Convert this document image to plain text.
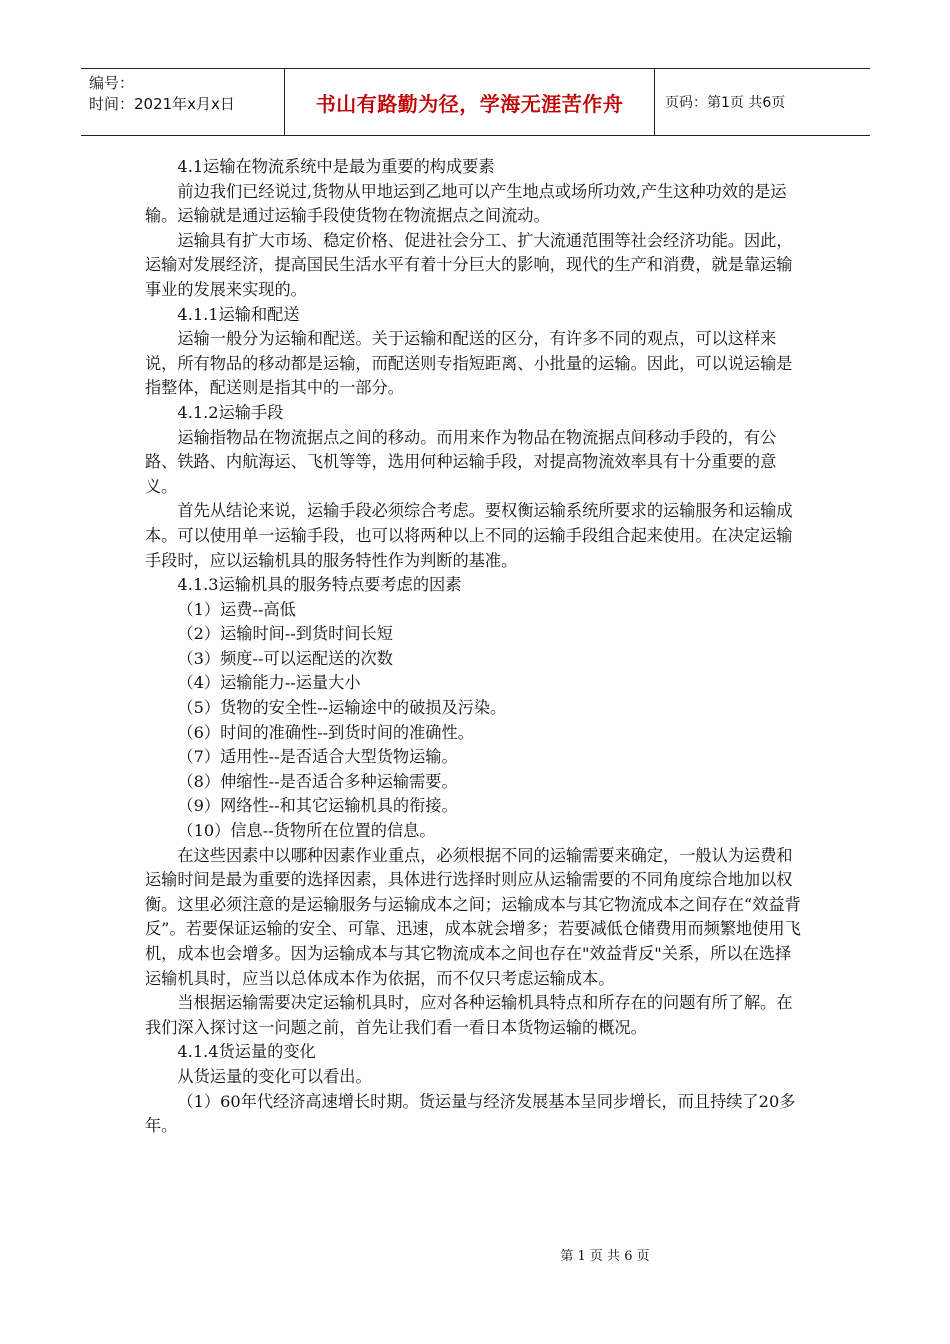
编号：
时间：2021年x月x日	书山有路勤为径，学海无涯苦作舟	页码：第1页 共6页

4.1运输在物流系统中是最为重要的构成要素

前边我们已经说过,货物从甲地运到乙地可以产生地点或场所功效,产生这种功效的是运输。运输就是通过运输手段使货物在物流据点之间流动。

运输具有扩大市场、稳定价格、促进社会分工、扩大流通范围等社会经济功能。因此，运输对发展经济，提高国民生活水平有着十分巨大的影响，现代的生产和消费，就是靠运输事业的发展来实现的。

4.1.1运输和配送

运输一般分为运输和配送。关于运输和配送的区分，有许多不同的观点，可以这样来说，所有物品的移动都是运输，而配送则专指短距离、小批量的运输。因此，可以说运输是指整体，配送则是指其中的一部分。

4.1.2运输手段

运输指物品在物流据点之间的移动。而用来作为物品在物流据点间移动手段的，有公路、铁路、内航海运、飞机等等，选用何种运输手段，对提高物流效率具有十分重要的意义。

首先从结论来说，运输手段必须综合考虑。要权衡运输系统所要求的运输服务和运输成本。可以使用单一运输手段，也可以将两种以上不同的运输手段组合起来使用。在决定运输手段时，应以运输机具的服务特性作为判断的基准。

4.1.3运输机具的服务特点要考虑的因素

（1）运费--高低

（2）运输时间--到货时间长短

（3）频度--可以运配送的次数

（4）运输能力--运量大小

（5）货物的安全性--运输途中的破损及污染。

（6）时间的准确性--到货时间的准确性。

（7）适用性--是否适合大型货物运输。

（8）伸缩性--是否适合多种运输需要。

（9）网络性--和其它运输机具的衔接。

（10）信息--货物所在位置的信息。

在这些因素中以哪种因素作业重点，必须根据不同的运输需要来确定，一般认为运费和运输时间是最为重要的选择因素，具体进行选择时则应从运输需要的不同角度综合地加以权衡。这里必须注意的是运输服务与运输成本之间；运输成本与其它物流成本之间存在“效益背反”。若要保证运输的安全、可靠、迅速，成本就会增多；若要减低仓储费用而频繁地使用飞机，成本也会增多。因为运输成本与其它物流成本之间也存在"效益背反"关系，所以在选择运输机具时，应当以总体成本作为依据，而不仅只考虑运输成本。

当根据运输需要决定运输机具时，应对各种运输机具特点和所存在的问题有所了解。在我们深入探讨这一问题之前，首先让我们看一看日本货物运输的概况。

4.1.4货运量的变化

从货运量的变化可以看出。

（1）60年代经济高速增长时期。货运量与经济发展基本呈同步增长，而且持续了20多年。

第 1 页 共 6 页
